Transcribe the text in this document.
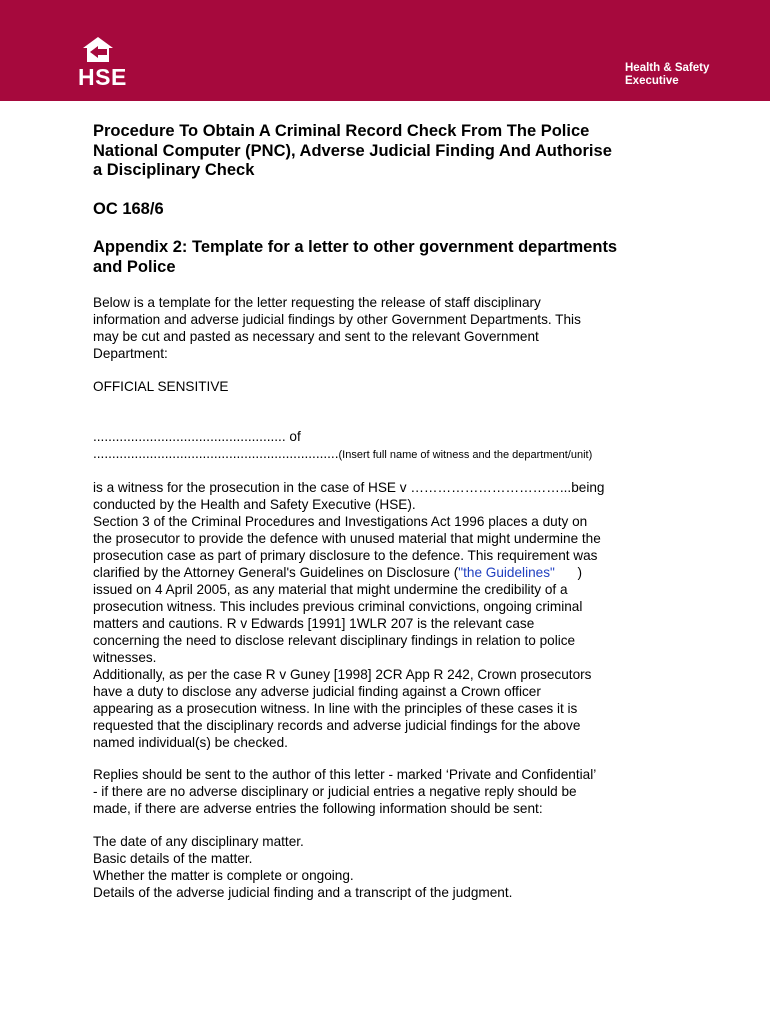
HSE	Health & Safety
Executive
Procedure To Obtain A Criminal Record Check From The Police
National Computer (PNC), Adverse Judicial Finding And Authorise
a Disciplinary Check
OC 168/6
Appendix 2: Template for a letter to other government departments
and Police
Below is a template for the letter requesting the release of staff disciplinary
information and adverse judicial findings by other Government Departments. This
may be cut and pasted as necessary and sent to the relevant Government
Department:
OFFICIAL SENSITIVE
................................................... of
.................................................................(Insert full name of witness and the department/unit)
is a witness for the prosecution in the case of HSE v ……………………………...being
conducted by the Health and Safety Executive (HSE).
Section 3 of the Criminal Procedures and Investigations Act 1996 places a duty on
the prosecutor to provide the defence with unused material that might undermine the
prosecution case as part of primary disclosure to the defence. This requirement was
clarified by the Attorney General's Guidelines on Disclosure ("the Guidelines"      )
issued on 4 April 2005, as any material that might undermine the credibility of a
prosecution witness. This includes previous criminal convictions, ongoing criminal
matters and cautions. R v Edwards [1991] 1WLR 207 is the relevant case
concerning the need to disclose relevant disciplinary findings in relation to police
witnesses.
Additionally, as per the case R v Guney [1998] 2CR App R 242, Crown prosecutors
have a duty to disclose any adverse judicial finding against a Crown officer
appearing as a prosecution witness. In line with the principles of these cases it is
requested that the disciplinary records and adverse judicial findings for the above
named individual(s) be checked.
Replies should be sent to the author of this letter - marked ‘Private and Confidential’
- if there are no adverse disciplinary or judicial entries a negative reply should be
made, if there are adverse entries the following information should be sent:
The date of any disciplinary matter.
Basic details of the matter.
Whether the matter is complete or ongoing.
Details of the adverse judicial finding and a transcript of the judgment.
